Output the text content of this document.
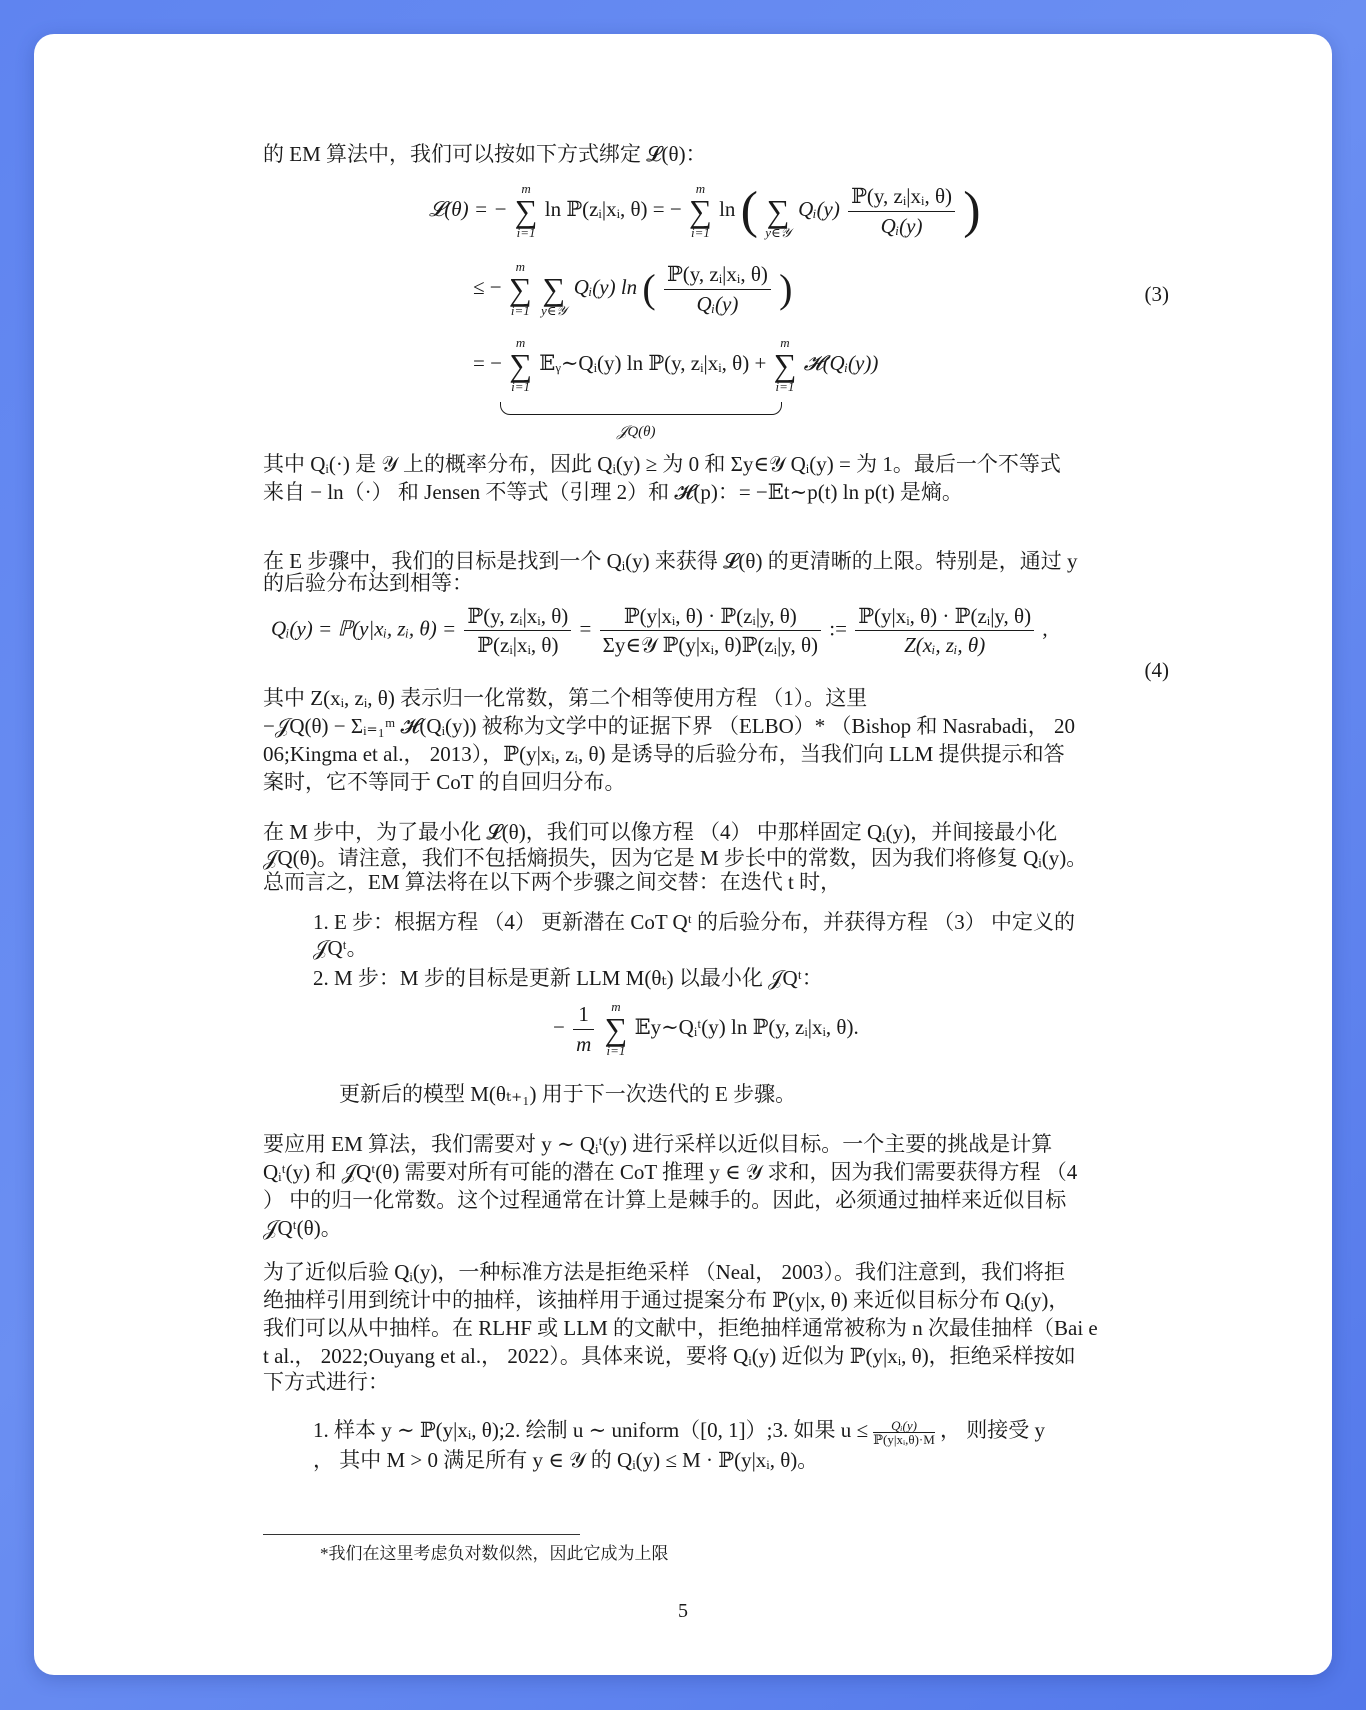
的 EM 算法中，我们可以按如下方式绑定 𝓛(θ)：

𝓛(θ) = −
m
∑
i=1
ln ℙ(zᵢ|xᵢ, θ) = −
m
∑
i=1
ln (
∑
y∈𝒴
Qᵢ(y) $\frac{\text{ℙ(y, zᵢ|xᵢ, θ)}}{\text{Qᵢ(y)}}$ )
≤ −
m
∑
i=1

∑
y∈𝒴
Qᵢ(y) ln ( $\frac{\text{ℙ(y, zᵢ|xᵢ, θ)}}{\text{Qᵢ(y)}}$ )	(3)
= −
m
∑
i=1
𝔼ᵧ∼Qᵢ(y) ln ℙ(y, zᵢ|xᵢ, θ) +
m
∑
i=1
𝓗(Qᵢ(y))
𝒥Q(θ)

其中 Qᵢ(·) 是 𝒴 上的概率分布，因此 Qᵢ(y) ≥ 为 0 和 Σy∈𝒴 Qᵢ(y) = 为 1。最后一个不等式

来自 − ln（·） 和 Jensen 不等式（引理 2）和 𝓗(p)：= −𝔼t∼p(t) ln p(t) 是熵。

在 E 步骤中，我们的目标是找到一个 Qᵢ(y) 来获得 𝓛(θ) 的更清晰的上限。特别是，通过 y

的后验分布达到相等：

Qᵢ(y) = ℙ(y|xᵢ, zᵢ, $\theta) = \frac{\text{ℙ(y, zᵢ|xᵢ, θ)}}{\text{ℙ(zᵢ|xᵢ, θ)}} = \frac{\text{ℙ(y|xᵢ, θ) · ℙ(zᵢ|y, θ)}}{\text{Σy∈𝒴 ℙ(y|xᵢ, θ)ℙ(zᵢ|y, θ)}}$ := $\frac{\text{ℙ(y|xᵢ, θ) · ℙ(zᵢ|y, θ)}}{\text{Z(xᵢ, zᵢ, θ)}}$ ,
(4)

其中 Z(xᵢ, zᵢ, θ) 表示归一化常数，第二个相等使用方程 （1）。这里

−𝒥Q(θ) − Σᵢ₌₁ᵐ 𝓗(Qᵢ(y)) 被称为文学中的证据下界 （ELBO）* （Bishop 和 Nasrabadi， 20

06;Kingma et al.， 2013），ℙ(y|xᵢ, zᵢ, θ) 是诱导的后验分布，当我们向 LLM 提供提示和答

案时，它不等同于 CoT 的自回归分布。

在 M 步中，为了最小化 𝓛(θ)，我们可以像方程 （4） 中那样固定 Qᵢ(y)，并间接最小化

𝒥Q(θ)。请注意，我们不包括熵损失，因为它是 M 步长中的常数，因为我们将修复 Qᵢ(y)。

总而言之，EM 算法将在以下两个步骤之间交替：在迭代 t 时，

1. E 步：根据方程 （4） 更新潜在 CoT Qᵗ 的后验分布，并获得方程 （3） 中定义的

𝒥Qᵗ。

2. M 步：M 步的目标是更新 LLM M(θₜ) 以最小化 𝒥Qᵗ：

− $\frac{1}{m}$
	m
∑
i=1
𝔼y∼Qᵢᵗ(y) ln ℙ(y, zᵢ|xᵢ, θ).

更新后的模型 M(θₜ₊₁) 用于下一次迭代的 E 步骤。

要应用 EM 算法，我们需要对 y ∼ Qᵢᵗ(y) 进行采样以近似目标。一个主要的挑战是计算

Qᵢᵗ(y) 和 𝒥Qᵗ(θ) 需要对所有可能的潜在 CoT 推理 y ∈ 𝒴 求和，因为我们需要获得方程 （4

） 中的归一化常数。这个过程通常在计算上是棘手的。因此，必须通过抽样来近似目标

𝒥Qᵗ(θ)。

为了近似后验 Qᵢ(y)，一种标准方法是拒绝采样 （Neal， 2003）。我们注意到，我们将拒

绝抽样引用到统计中的抽样，该抽样用于通过提案分布 ℙ(y|x, θ) 来近似目标分布 Qᵢ(y)，

我们可以从中抽样。在 RLHF 或 LLM 的文献中，拒绝抽样通常被称为 n 次最佳抽样（Bai e

t al.， 2022;Ouyang et al.， 2022）。具体来说，要将 Qᵢ(y) 近似为 ℙ(y|xᵢ, θ)，拒绝采样按如

下方式进行：

1. 样本 y ∼ ℙ(y|xᵢ, θ);2. 绘制 u ∼ uniform（[0, 1]）;3. 如果 $u \le \frac{\text{Qᵢ(y)}}{\text{ℙ(y|xᵢ,θ)·M}}$ ， 则接受 y

， 其中 M > 0 满足所有 y ∈ 𝒴 的 Qᵢ(y) ≤ M · ℙ(y|xᵢ, θ)。

*我们在这里考虑负对数似然，因此它成为上限
5
掘金技术社区 @ 硅基新手村
